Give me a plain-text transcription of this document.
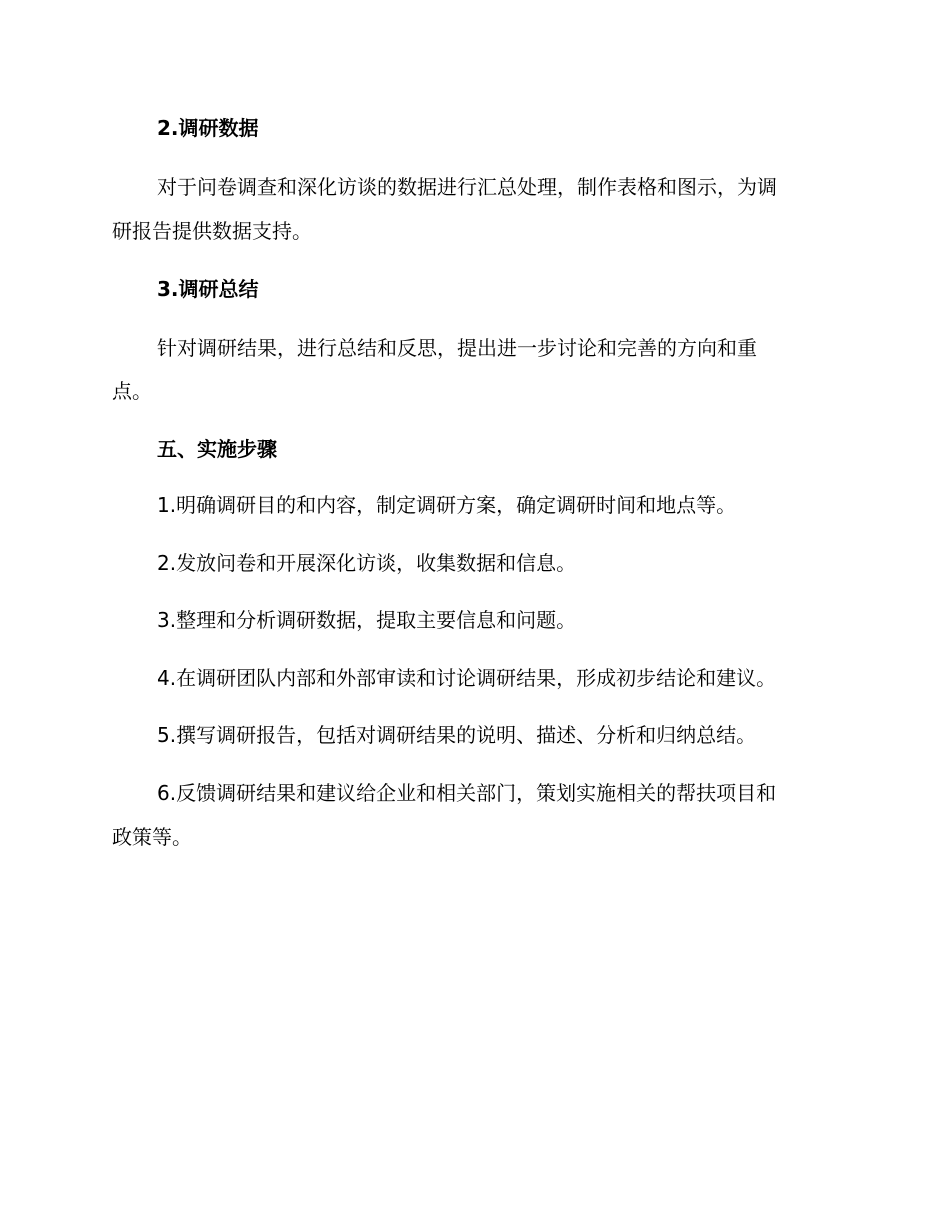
2.调研数据

对于问卷调查和深化访谈的数据进行汇总处理，制作表格和图示，为调

研报告提供数据支持。

3.调研总结

针对调研结果，进行总结和反思，提出进一步讨论和完善的方向和重

点。

五、实施步骤

1.明确调研目的和内容，制定调研方案，确定调研时间和地点等。

2.发放问卷和开展深化访谈，收集数据和信息。

3.整理和分析调研数据，提取主要信息和问题。

4.在调研团队内部和外部审读和讨论调研结果，形成初步结论和建议。

5.撰写调研报告，包括对调研结果的说明、描述、分析和归纳总结。

6.反馈调研结果和建议给企业和相关部门，策划实施相关的帮扶项目和

政策等。
